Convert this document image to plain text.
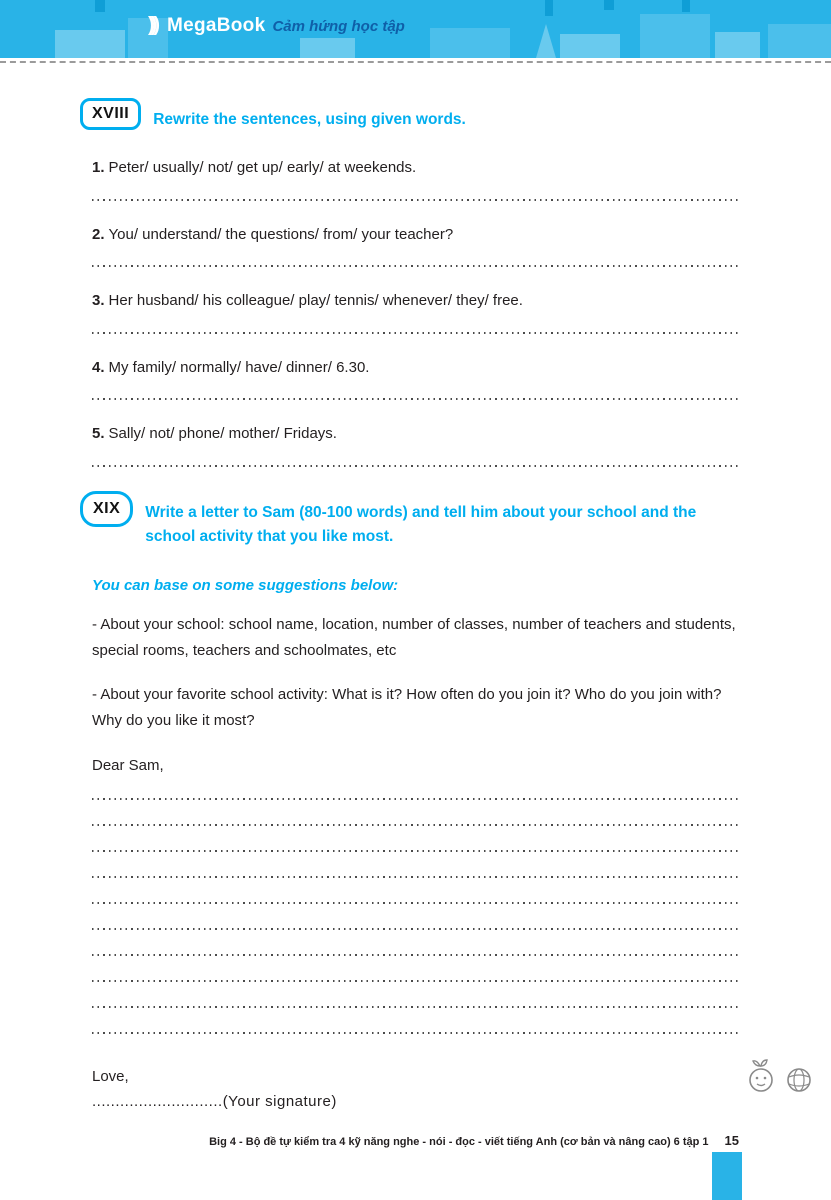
))) MegaBook Cảm hứng học tập
XVIII	Rewrite the sentences, using given words.
1. Peter/ usually/ not/ get up/ early/ at weekends.
2. You/ understand/ the questions/ from/ your teacher?
3. Her husband/ his colleague/ play/ tennis/ whenever/ they/ free.
4. My family/ normally/ have/ dinner/ 6.30.
5. Sally/ not/ phone/ mother/ Fridays.
XIX	Write a letter to Sam (80-100 words) and tell him about your school and the school activity that you like most.
You can base on some suggestions below:
- About your school: school name, location, number of classes, number of teachers and students, special rooms, teachers and schoolmates, etc
- About your favorite school activity: What is it? How often do you join it? Who do you join with? Why do you like it most?
Dear Sam,
Love,
............................(Your signature)
Big 4 - Bộ đề tự kiểm tra 4 kỹ năng nghe - nói - đọc - viết tiếng Anh (cơ bản và nâng cao) 6 tập 1 15
